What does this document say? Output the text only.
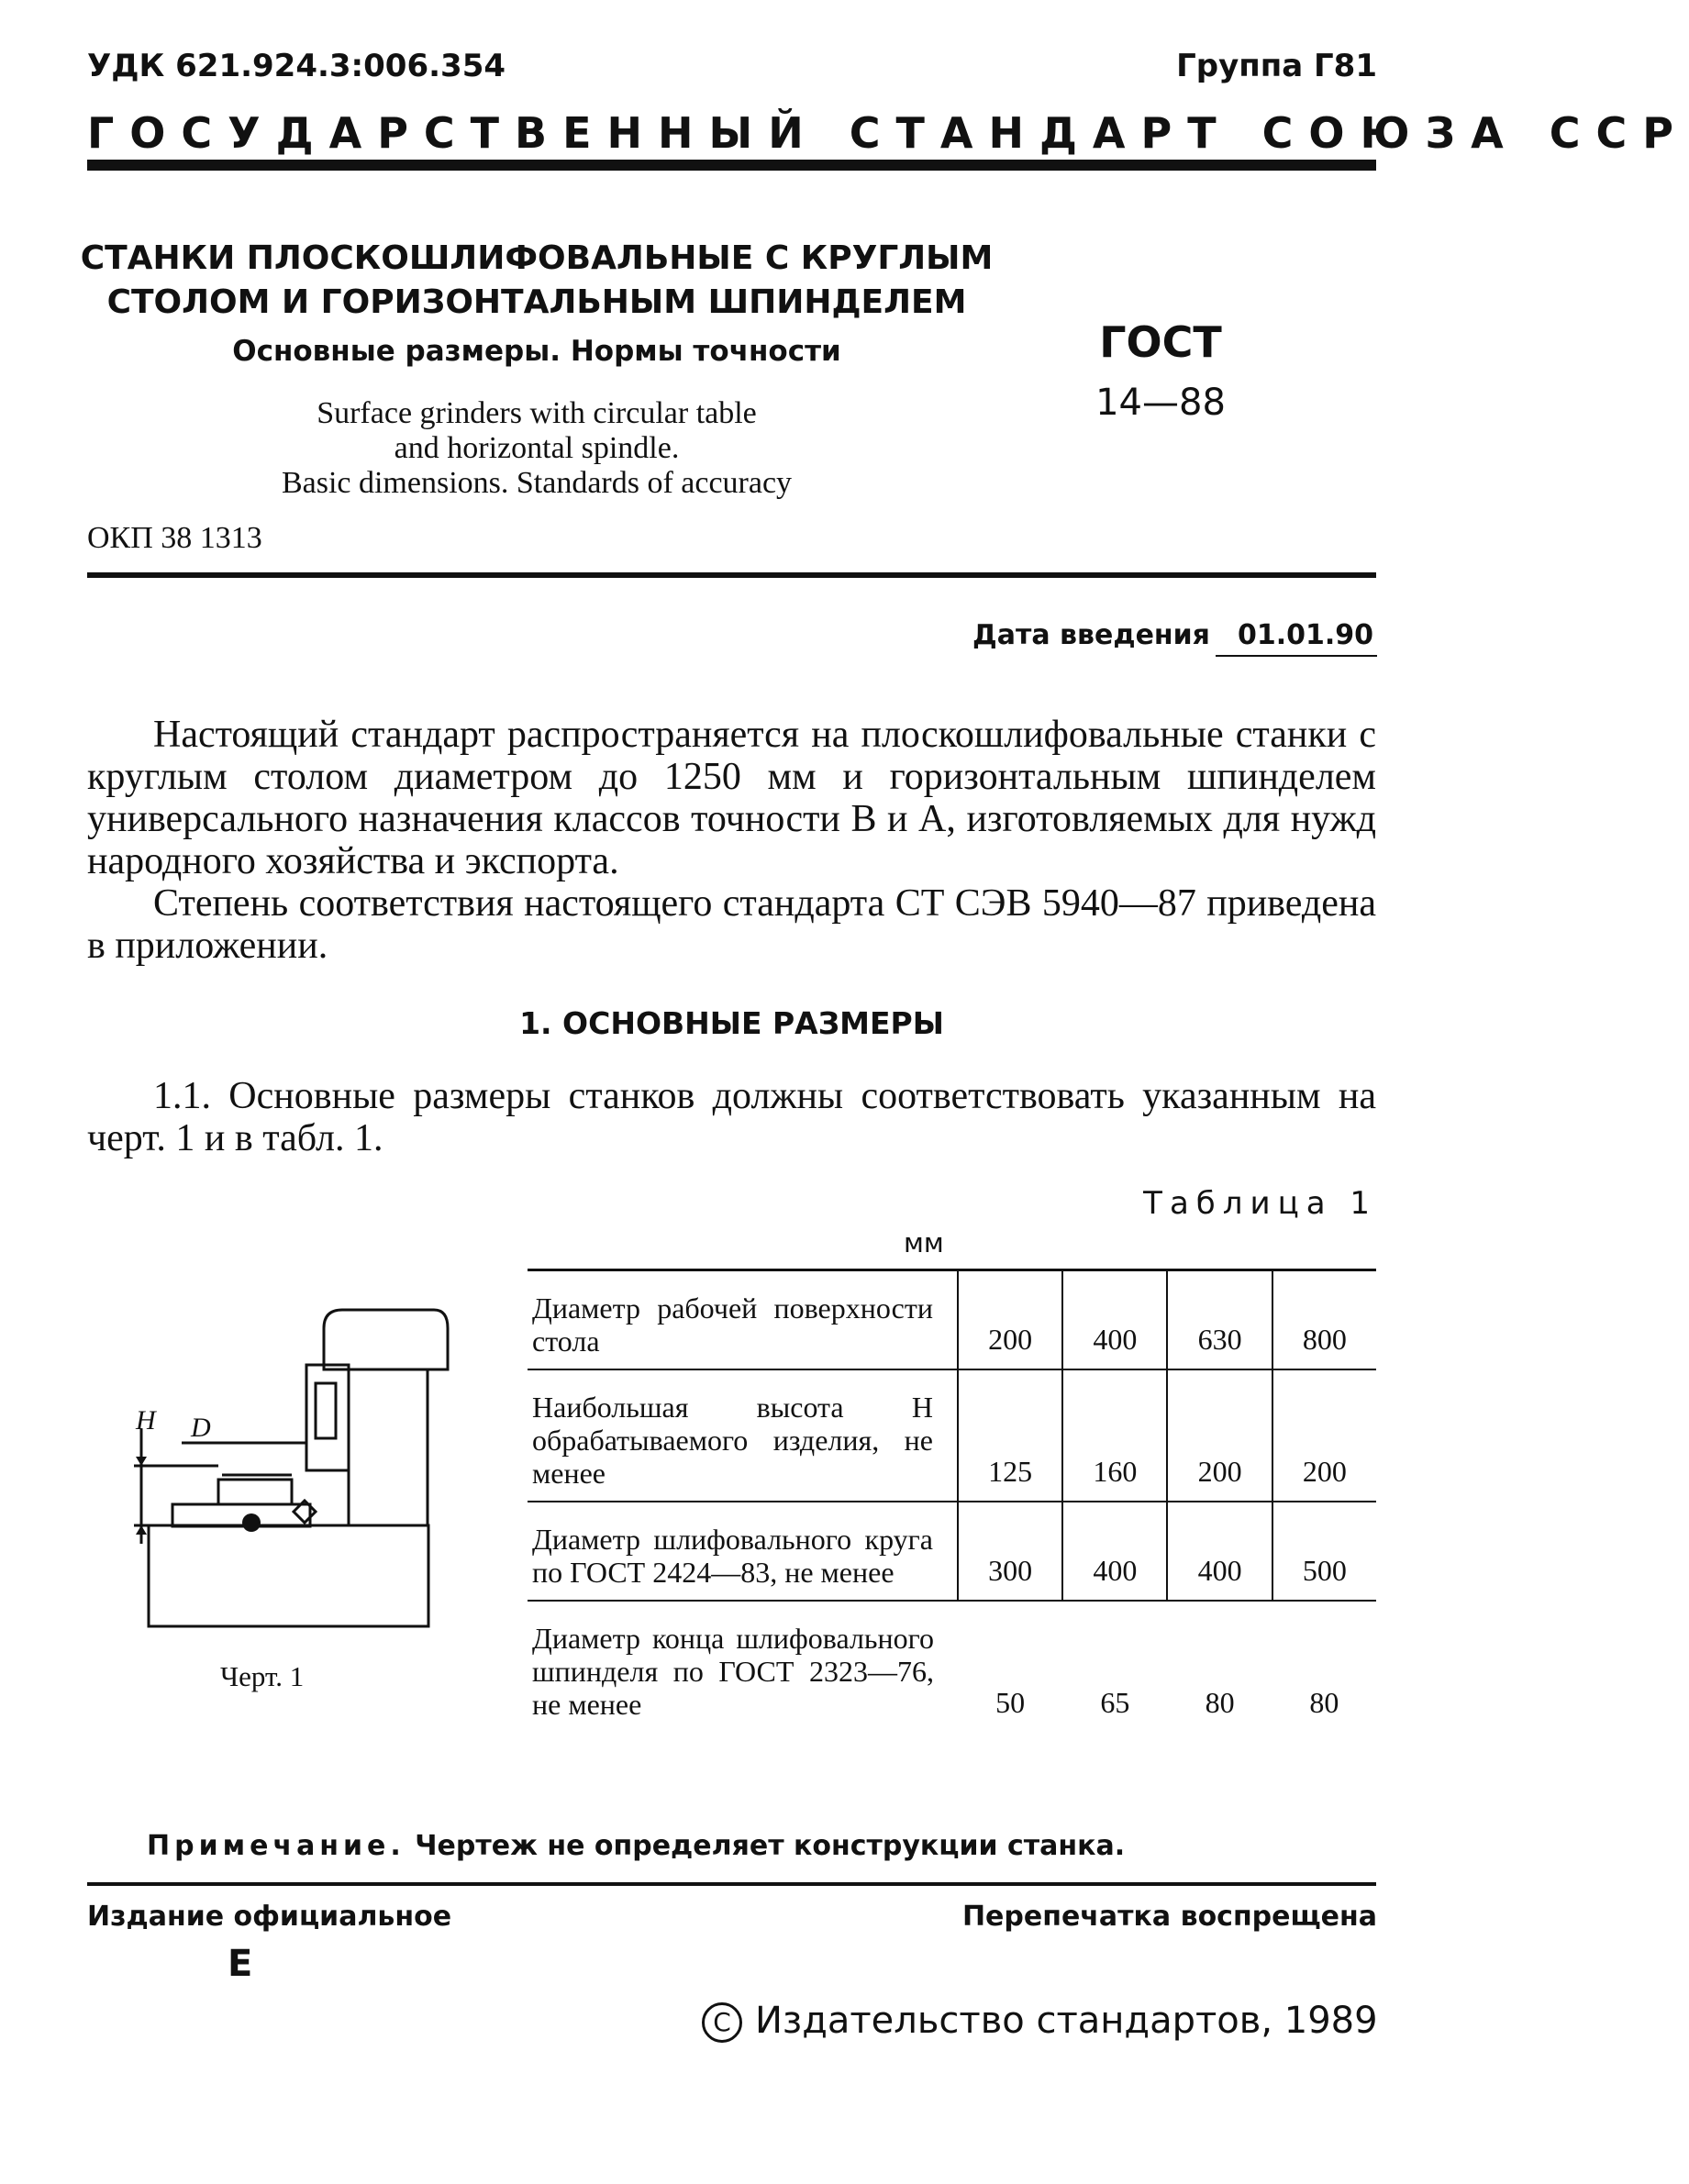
УДК 621.924.3:006.354	Группа Г81
ГОСУДАРСТВЕННЫЙ СТАНДАРТ СОЮЗА ССР
СТАНКИ ПЛОСКОШЛИФОВАЛЬНЫЕ С КРУГЛЫМ
СТОЛОМ И ГОРИЗОНТАЛЬНЫМ ШПИНДЕЛЕМ
Основные размеры. Нормы точности
Surface grinders with circular table
and horizontal spindle.
Basic dimensions. Standards of accuracy
ГОСТ
14—88
ОКП 38 1313
Дата введения 01.01.90
Настоящий стандарт распространяется на плоскошлифовальные станки с круглым столом диаметром до 1250 мм и горизонтальным шпинделем универсального назначения классов точности В и А, изготовляемых для нужд народного хозяйства и экспорта.
Степень соответствия настоящего стандарта СТ СЭВ 5940—87 приведена в приложении.
1. ОСНОВНЫЕ РАЗМЕРЫ
1.1. Основные размеры станков должны соответствовать указанным на черт. 1 и в табл. 1.
Таблица 1
мм
Диаметр рабочей поверхности стола	200	400	630	800
Наибольшая высота H обрабатываемого изделия, не менее	125	160	200	200
Диаметр шлифовального круга по ГОСТ 2424—83, не менее	300	400	400	500
Диаметр конца шлифовального шпинделя по ГОСТ 2323—76, не менее	50	65	80	80
H D
Черт. 1
Примечание. Чертеж не определяет конструкции станка.
Издание официальное	Перепечатка воспрещена
Е
C Издательство стандартов, 1989
